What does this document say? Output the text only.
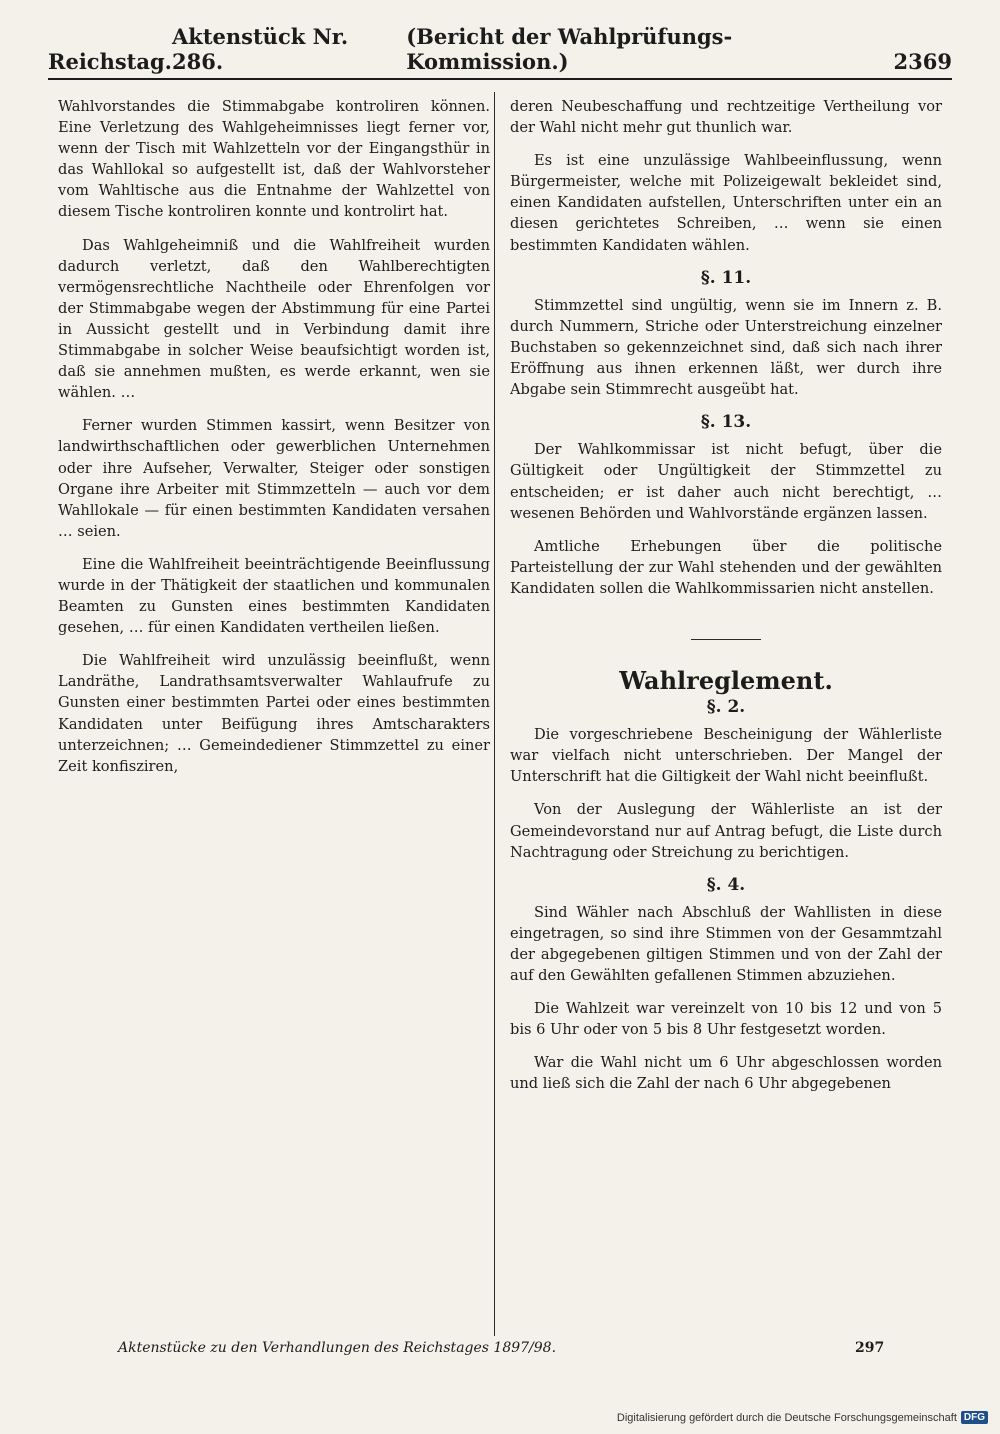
Reichstag.
Aktenstück Nr. 286.
(Bericht der Wahlprüfungs-Kommission.)	2369

Wahlvorstandes die Stimmabgabe kontroliren können. Eine Verletzung des Wahlgeheimnisses liegt ferner vor, wenn der Tisch mit Wahlzetteln vor der Eingangsthür in das Wahllokal so aufgestellt ist, daß der Wahlvorsteher vom Wahltische aus die Entnahme der Wahlzettel von diesem Tische kontroliren konnte und kontrolirt hat.

Das Wahlgeheimniß und die Wahlfreiheit wurden dadurch verletzt, daß den Wahlberechtigten vermögensrechtliche Nachtheile oder Ehrenfolgen vor der Stimmabgabe wegen der Abstimmung für eine Partei in Aussicht gestellt und in Verbindung damit ihre Stimmabgabe in solcher Weise beaufsichtigt worden ist, daß sie annehmen mußten, es werde erkannt, wen sie wählen. …

Ferner wurden Stimmen kassirt, wenn Besitzer von landwirthschaftlichen oder gewerblichen Unternehmen oder ihre Aufseher, Verwalter, Steiger oder sonstigen Organe ihre Arbeiter mit Stimmzetteln — auch vor dem Wahllokale — für einen bestimmten Kandidaten versahen … seien.

Eine die Wahlfreiheit beeinträchtigende Beeinflussung wurde in der Thätigkeit der staatlichen und kommunalen Beamten zu Gunsten eines bestimmten Kandidaten gesehen, … für einen Kandidaten vertheilen ließen.

Die Wahlfreiheit wird unzulässig beeinflußt, wenn Landräthe, Landrathsamtsverwalter Wahlaufrufe zu Gunsten einer bestimmten Partei oder eines bestimmten Kandidaten unter Beifügung ihres Amtscharakters unterzeichnen; … Gemeindediener Stimmzettel zu einer Zeit konfisziren,

deren Neubeschaffung und rechtzeitige Vertheilung vor der Wahl nicht mehr gut thunlich war.

Es ist eine unzulässige Wahlbeeinflussung, wenn Bürgermeister, welche mit Polizeigewalt bekleidet sind, einen Kandidaten aufstellen, Unterschriften unter ein an diesen gerichtetes Schreiben, … wenn sie einen bestimmten Kandidaten wählen.

§. 11.

Stimmzettel sind ungültig, wenn sie im Innern z. B. durch Nummern, Striche oder Unterstreichung einzelner Buchstaben so gekennzeichnet sind, daß sich nach ihrer Eröffnung aus ihnen erkennen läßt, wer durch ihre Abgabe sein Stimmrecht ausgeübt hat.

§. 13.

Der Wahlkommissar ist nicht befugt, über die Gültigkeit oder Ungültigkeit der Stimmzettel zu entscheiden; er ist daher auch nicht berechtigt, … wesenen Behörden und Wahlvorstände ergänzen lassen.

Amtliche Erhebungen über die politische Parteistellung der zur Wahl stehenden und der gewählten Kandidaten sollen die Wahlkommissarien nicht anstellen.

Wahlreglement.
§. 2.

Die vorgeschriebene Bescheinigung der Wählerliste war vielfach nicht unterschrieben. Der Mangel der Unterschrift hat die Giltigkeit der Wahl nicht beeinflußt.

Von der Auslegung der Wählerliste an ist der Gemeindevorstand nur auf Antrag befugt, die Liste durch Nachtragung oder Streichung zu berichtigen.

§. 4.

Sind Wähler nach Abschluß der Wahllisten in diese eingetragen, so sind ihre Stimmen von der Gesammtzahl der abgegebenen giltigen Stimmen und von der Zahl der auf den Gewählten gefallenen Stimmen abzuziehen.

Die Wahlzeit war vereinzelt von 10 bis 12 und von 5 bis 6 Uhr oder von 5 bis 8 Uhr festgesetzt worden.

War die Wahl nicht um 6 Uhr abgeschlossen worden und ließ sich die Zahl der nach 6 Uhr abgegebenen

Aktenstücke zu den Verhandlungen des Reichstages 1897/98.	297
Digitalisierung gefördert durch die Deutsche Forschungsgemeinschaft DFG
